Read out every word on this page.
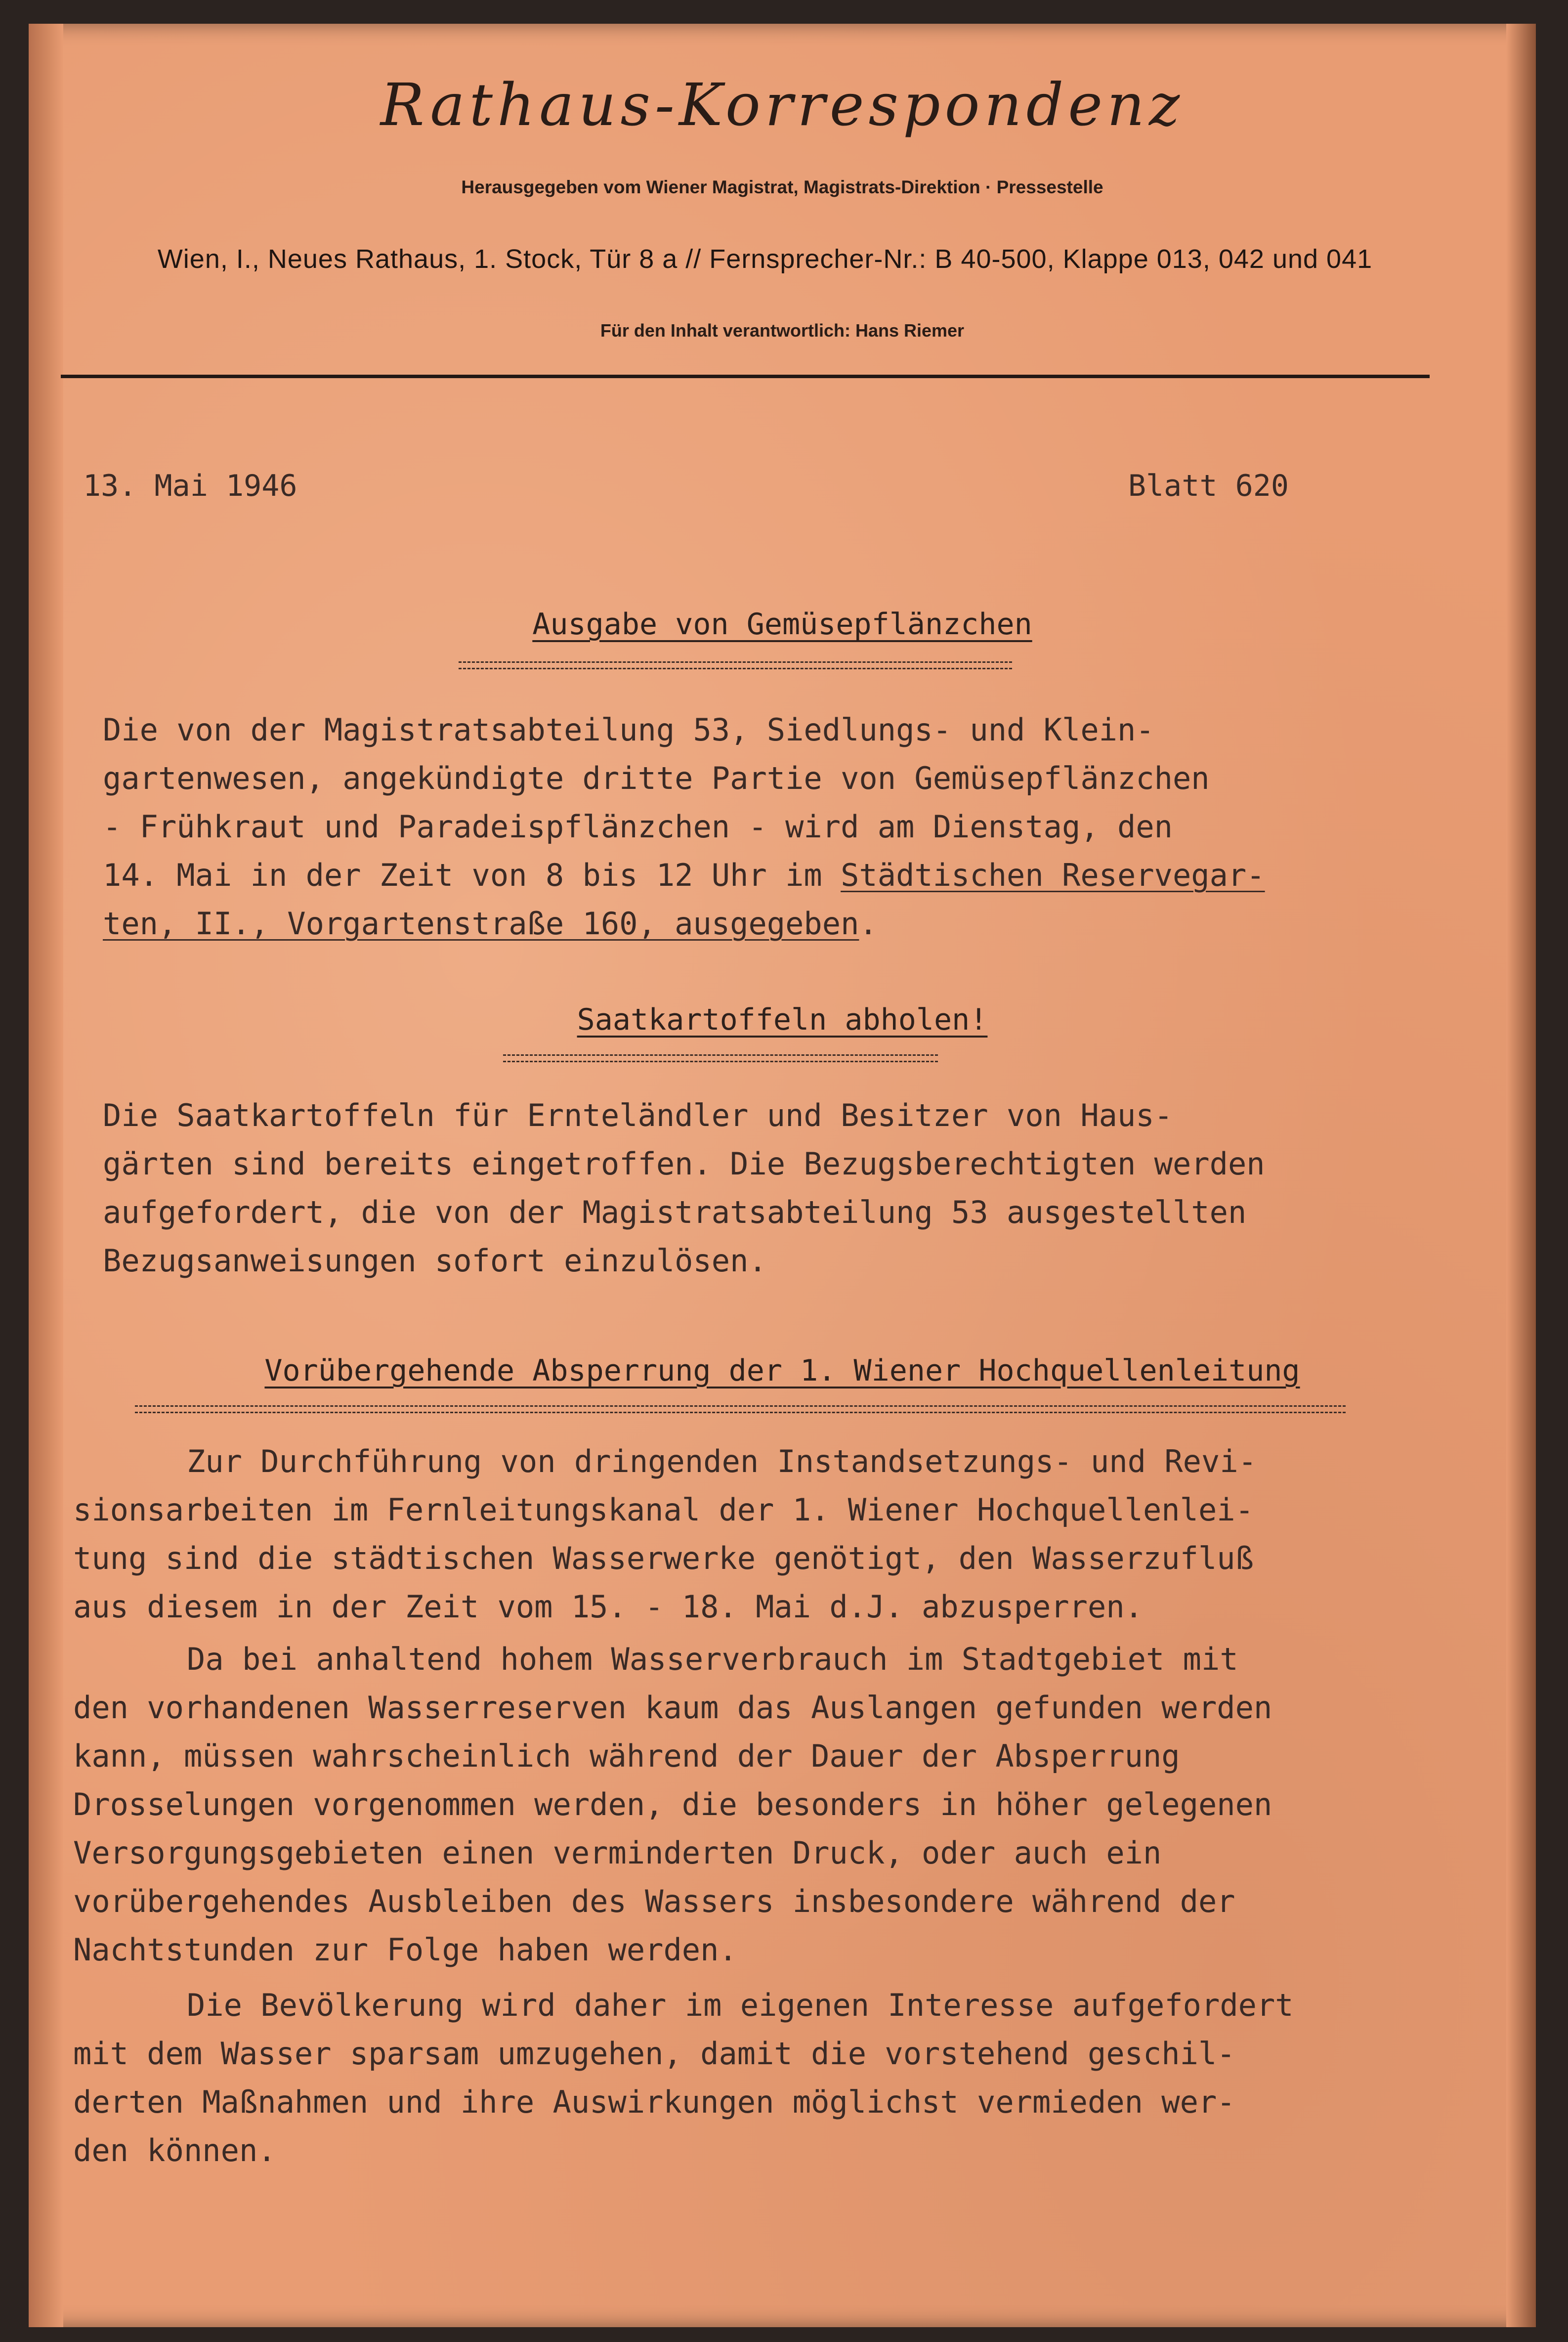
Rathaus-Korrespondenz
Herausgegeben vom Wiener Magistrat, Magistrats-Direktion · Pressestelle
Wien, I., Neues Rathaus, 1. Stock, Tür 8 a // Fernsprecher-Nr.: B 40-500, Klappe 013, 042 und 041
Für den Inhalt verantwortlich: Hans Riemer
13. Mai 1946	Blatt 620
Ausgabe von Gemüsepflänzchen
Die von der Magistratsabteilung 53, Siedlungs- und Klein-
gartenwesen, angekündigte dritte Partie von Gemüsepflänzchen
- Frühkraut und Paradeispflänzchen - wird am Dienstag, den
14. Mai in der Zeit von 8 bis 12 Uhr im Städtischen Reservegar-
ten, II., Vorgartenstraße 160, ausgegeben.
Saatkartoffeln abholen!
Die Saatkartoffeln für Ernteländler und Besitzer von Haus-
gärten sind bereits eingetroffen. Die Bezugsberechtigten werden
aufgefordert, die von der Magistratsabteilung 53 ausgestellten
Bezugsanweisungen sofort einzulösen.
Vorübergehende Absperrung der 1. Wiener Hochquellenleitung
Zur Durchführung von dringenden Instandsetzungs- und Revi-
sionsarbeiten im Fernleitungskanal der 1. Wiener Hochquellenlei-
tung sind die städtischen Wasserwerke genötigt, den Wasserzufluß
aus diesem in der Zeit vom 15. - 18. Mai d.J. abzusperren.
Da bei anhaltend hohem Wasserverbrauch im Stadtgebiet mit
den vorhandenen Wasserreserven kaum das Auslangen gefunden werden
kann, müssen wahrscheinlich während der Dauer der Absperrung
Drosselungen vorgenommen werden, die besonders in höher gelegenen
Versorgungsgebieten einen verminderten Druck, oder auch ein
vorübergehendes Ausbleiben des Wassers insbesondere während der
Nachtstunden zur Folge haben werden.
Die Bevölkerung wird daher im eigenen Interesse aufgefordert
mit dem Wasser sparsam umzugehen, damit die vorstehend geschil-
derten Maßnahmen und ihre Auswirkungen möglichst vermieden wer-
den können.
